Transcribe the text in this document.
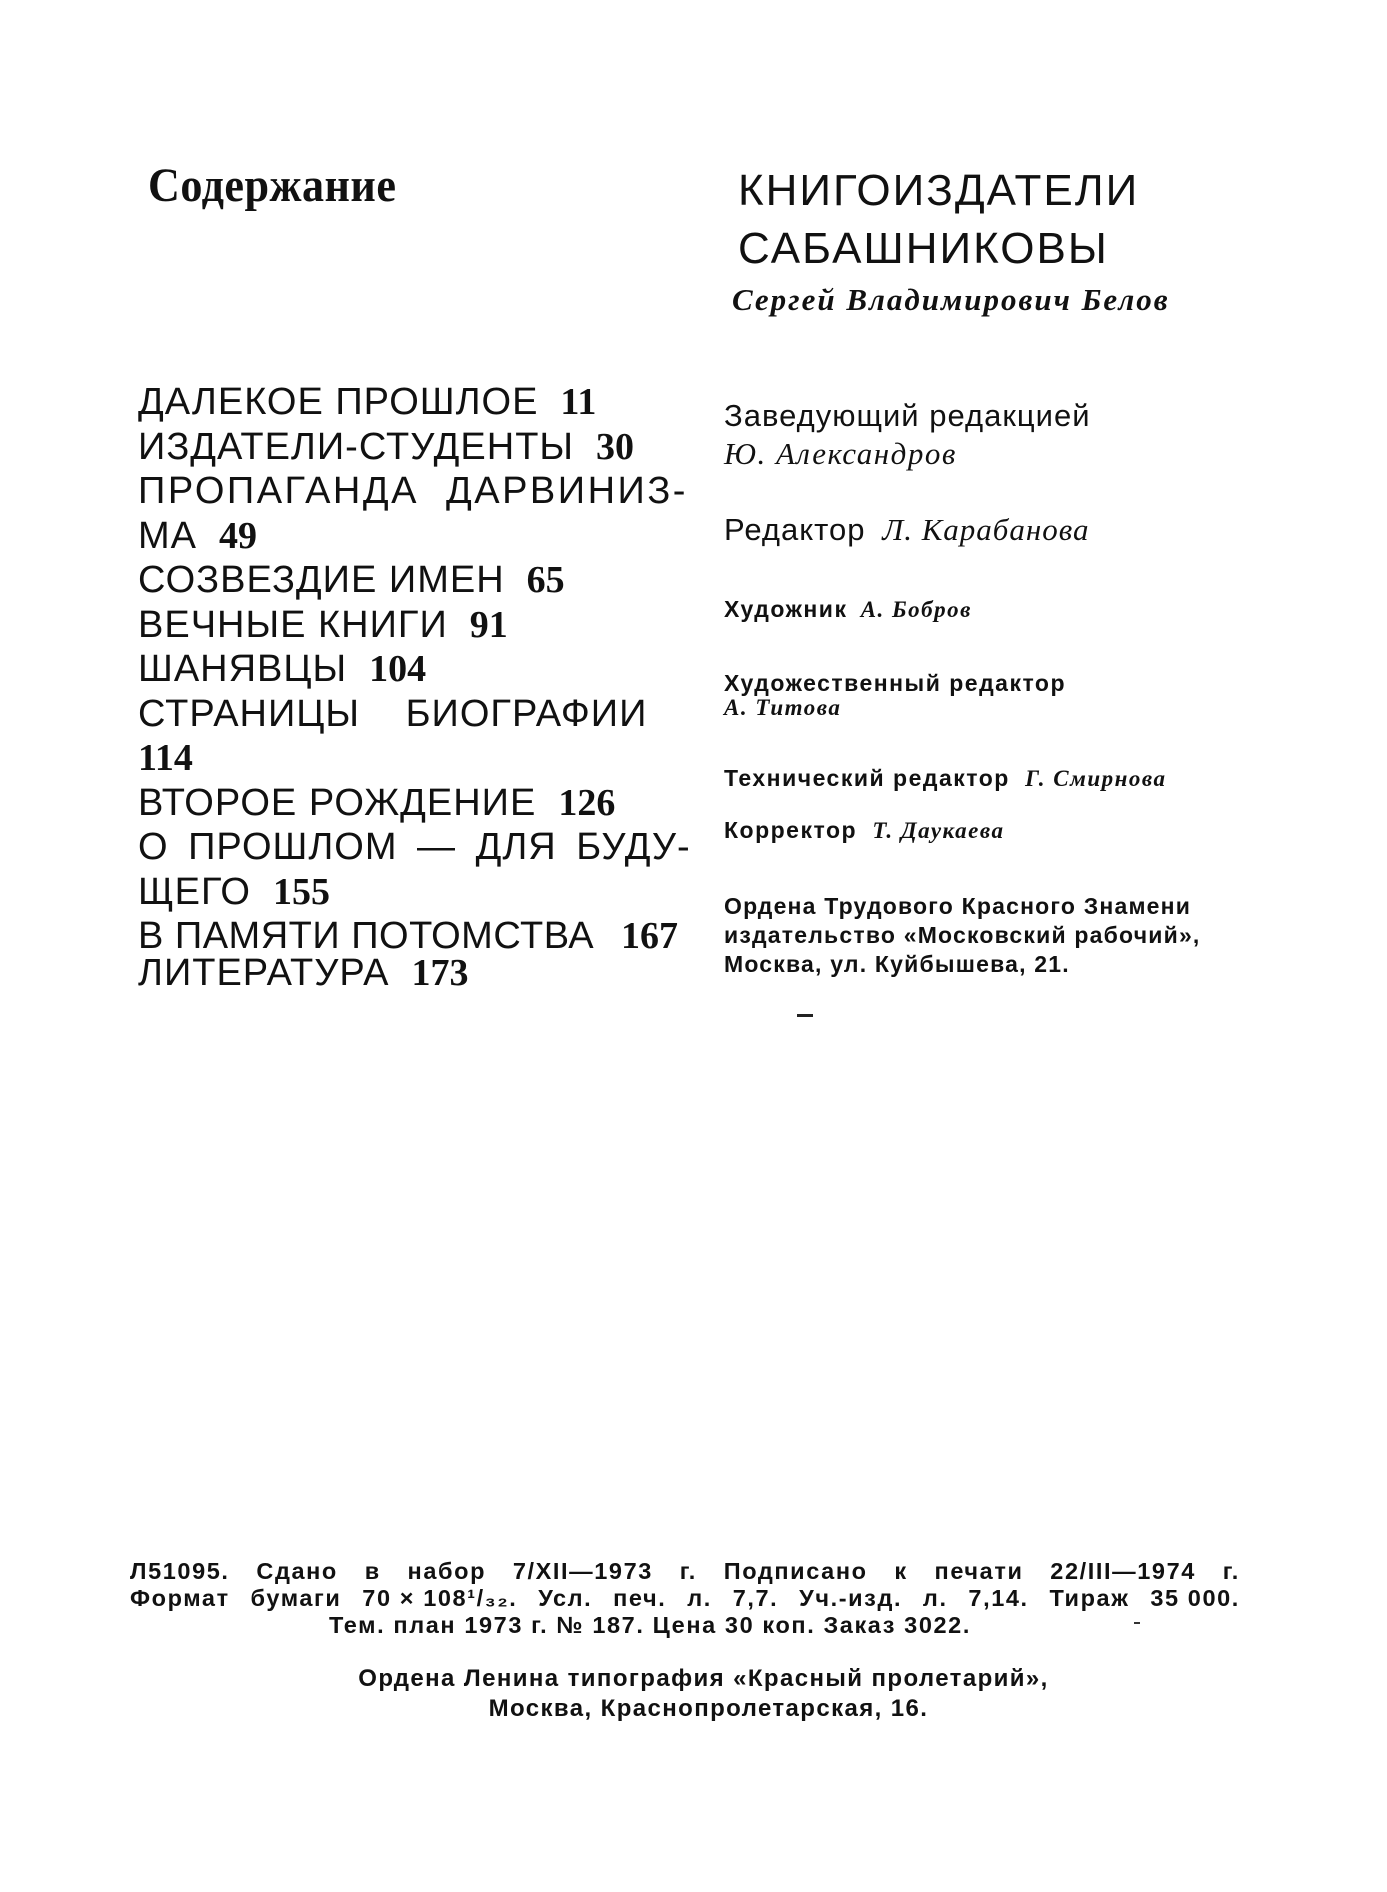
Содержание
ДАЛЕКОЕ ПРОШЛОЕ 11
ИЗДАТЕЛИ-СТУДЕНТЫ 30
ПРОПАГАНДА ДАРВИНИЗ-
МА 49
СОЗВЕЗДИЕ ИМЕН 65
ВЕЧНЫЕ КНИГИ 91
ШАНЯВЦЫ 104
СТРАНИЦЫ БИОГРАФИИ
114
ВТОРОЕ РОЖДЕНИЕ 126
О ПРОШЛОМ — ДЛЯ БУДУ-
ЩЕГО 155
В ПАМЯТИ ПОТОМСТВА 167
ЛИТЕРАТУРА 173
КНИГОИЗДАТЕЛИ
САБАШНИКОВЫ
Сергей Владимирович Белов
Заведующий редакцией
Ю. Александров
Редактор Л. Карабанова
Художник А. Бобров
Художественный редактор
А. Титова
Технический редактор Г. Смирнова
Корректор Т. Даукаева
Ордена Трудового Красного Знамени
издательство «Московский рабочий»,
Москва, ул. Куйбышева, 21.
Л51095. Сдано в набор 7/XII—1973 г. Подписано к печати 22/III—1974 г.
Формат бумаги 70 × 108¹/₃₂. Усл. печ. л. 7,7. Уч.-изд. л. 7,14. Тираж 35 000.
Тем. план 1973 г. № 187. Цена 30 коп. Заказ 3022.
Ордена Ленина типография «Красный пролетарий»,
Москва, Краснопролетарская, 16.
